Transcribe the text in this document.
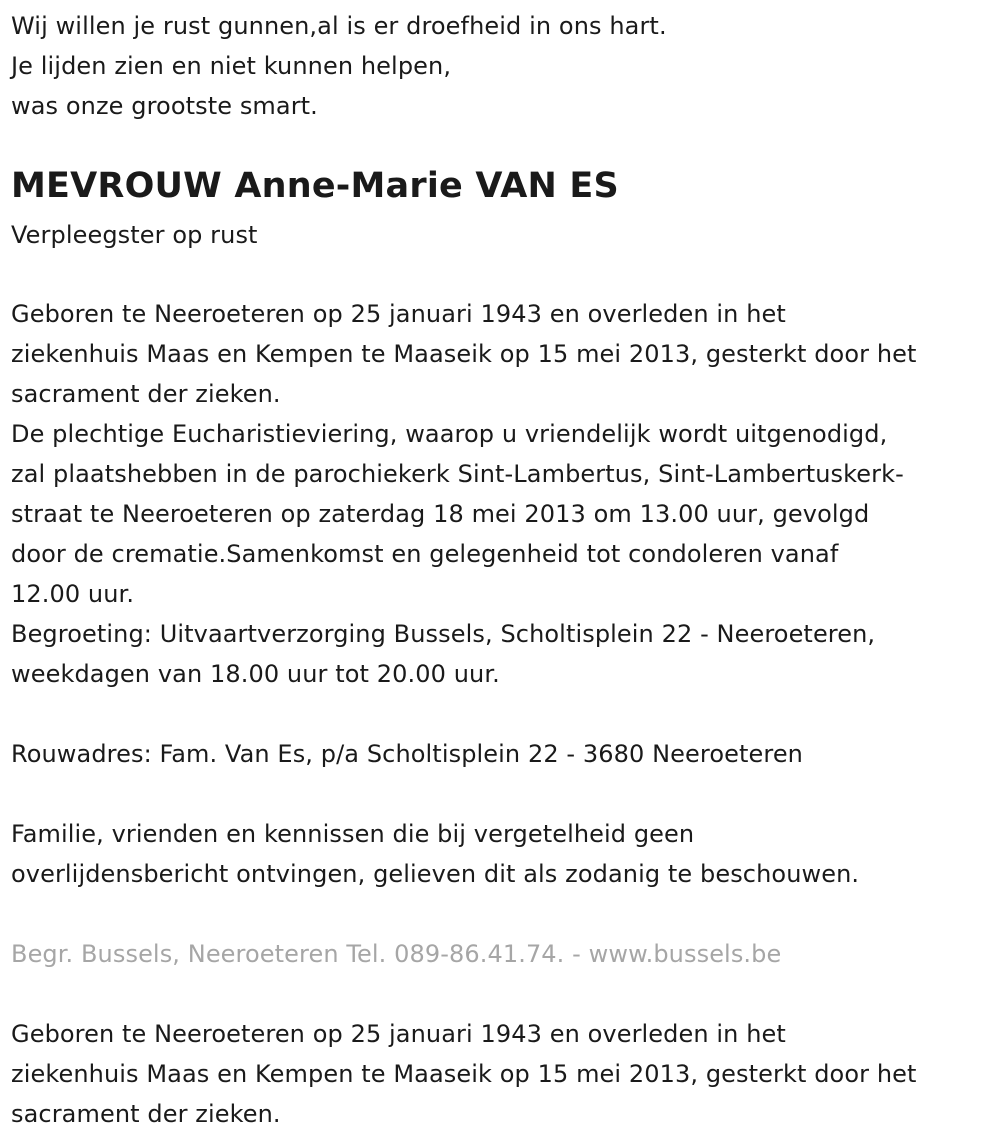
Wij willen je rust gunnen,al is er droefheid in ons hart.
Je lijden zien en niet kunnen helpen,
was onze grootste smart.
MEVROUW Anne-Marie VAN ES
Verpleegster op rust
Geboren te Neeroeteren op 25 januari 1943 en overleden in het
ziekenhuis Maas en Kempen te Maaseik op 15 mei 2013, gesterkt door het
sacrament der zieken.
De plechtige Eucharistieviering, waarop u vriendelijk wordt uitgenodigd,
zal plaatshebben in de parochiekerk Sint-Lambertus, Sint-Lambertuskerk-
straat te Neeroeteren op zaterdag 18 mei 2013 om 13.00 uur, gevolgd
door de crematie.Samenkomst en gelegenheid tot condoleren vanaf
12.00 uur.
Begroeting: Uitvaartverzorging Bussels, Scholtisplein 22 - Neeroeteren,
weekdagen van 18.00 uur tot 20.00 uur.
Rouwadres: Fam. Van Es, p/a Scholtisplein 22 - 3680 Neeroeteren
Familie, vrienden en kennissen die bij vergetelheid geen
overlijdensbericht ontvingen, gelieven dit als zodanig te beschouwen.
Begr. Bussels, Neeroeteren Tel. 089-86.41.74. - www.bussels.be
Geboren te Neeroeteren op 25 januari 1943 en overleden in het
ziekenhuis Maas en Kempen te Maaseik op 15 mei 2013, gesterkt door het
sacrament der zieken.
